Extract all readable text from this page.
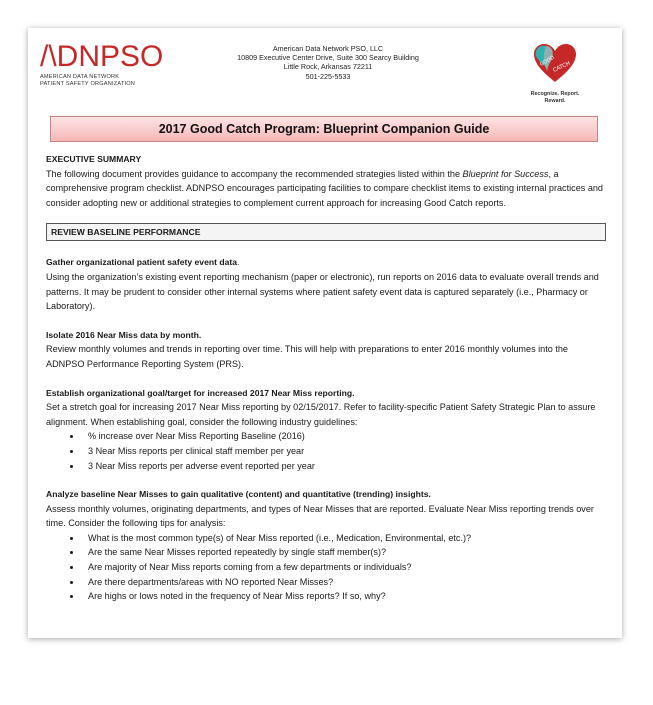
/\DNPSO
AMERICAN DATA NETWORK
PATIENT SAFETY ORGANIZATION
American Data Network PSO, LLC
10809 Executive Center Drive, Suite 300 Searcy Building
Little Rock, Arkansas 72211
501-225-5533
GOOD
CATCH
Recognize. Report. Reward.
2017 Good Catch Program: Blueprint Companion Guide
EXECUTIVE SUMMARY

The following document provides guidance to accompany the recommended strategies listed within the Blueprint for Success, a comprehensive program checklist. ADNPSO encourages participating facilities to compare checklist items to existing internal practices and consider adopting new or additional strategies to complement current approach for increasing Good Catch reports.

REVIEW BASELINE PERFORMANCE
Gather organizational patient safety event data.

Using the organization’s existing event reporting mechanism (paper or electronic), run reports on 2016 data to evaluate overall trends and patterns. It may be prudent to consider other internal systems where patient safety event data is captured separately (i.e., Pharmacy or Laboratory).

Isolate 2016 Near Miss data by month.

Review monthly volumes and trends in reporting over time. This will help with preparations to enter 2016 monthly volumes into the ADNPSO Performance Reporting System (PRS).

Establish organizational goal/target for increased 2017 Near Miss reporting.

Set a stretch goal for increasing 2017 Near Miss reporting by 02/15/2017. Refer to facility-specific Patient Safety Strategic Plan to assure alignment. When establishing goal, consider the following industry guidelines:

• % increase over Near Miss Reporting Baseline (2016)
• 3 Near Miss reports per clinical staff member per year
• 3 Near Miss reports per adverse event reported per year
Analyze baseline Near Misses to gain qualitative (content) and quantitative (trending) insights.

Assess monthly volumes, originating departments, and types of Near Misses that are reported. Evaluate Near Miss reporting trends over time. Consider the following tips for analysis:

• What is the most common type(s) of Near Miss reported (i.e., Medication, Environmental, etc.)?
• Are the same Near Misses reported repeatedly by single staff member(s)?
• Are majority of Near Miss reports coming from a few departments or individuals?
• Are there departments/areas with NO reported Near Misses?
• Are highs or lows noted in the frequency of Near Miss reports? If so, why?
